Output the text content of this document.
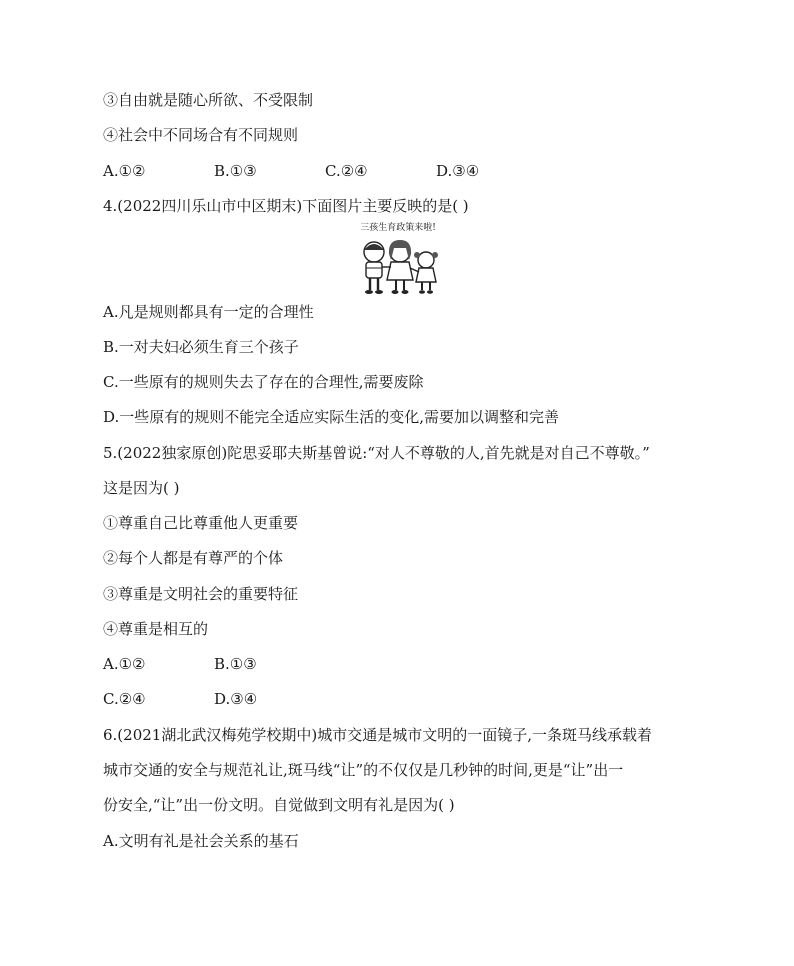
③自由就是随心所欲、不受限制
④社会中不同场合有不同规则
A.①②	B.①③	C.②④	D.③④
4.(2022四川乐山市中区期末)下面图片主要反映的是( )
三孩生育政策来啦!
A.凡是规则都具有一定的合理性
B.一对夫妇必须生育三个孩子
C.一些原有的规则失去了存在的合理性,需要废除
D.一些原有的规则不能完全适应实际生活的变化,需要加以调整和完善
5.(2022独家原创)陀思妥耶夫斯基曾说:“对人不尊敬的人,首先就是对自己不尊敬。”
这是因为( )
①尊重自己比尊重他人更重要
②每个人都是有尊严的个体
③尊重是文明社会的重要特征
④尊重是相互的
A.①②	B.①③
C.②④	D.③④
6.(2021湖北武汉梅苑学校期中)城市交通是城市文明的一面镜子,一条斑马线承载着
城市交通的安全与规范礼让,斑马线“让”的不仅仅是几秒钟的时间,更是“让”出一
份安全,“让”出一份文明。自觉做到文明有礼是因为( )
A.文明有礼是社会关系的基石
